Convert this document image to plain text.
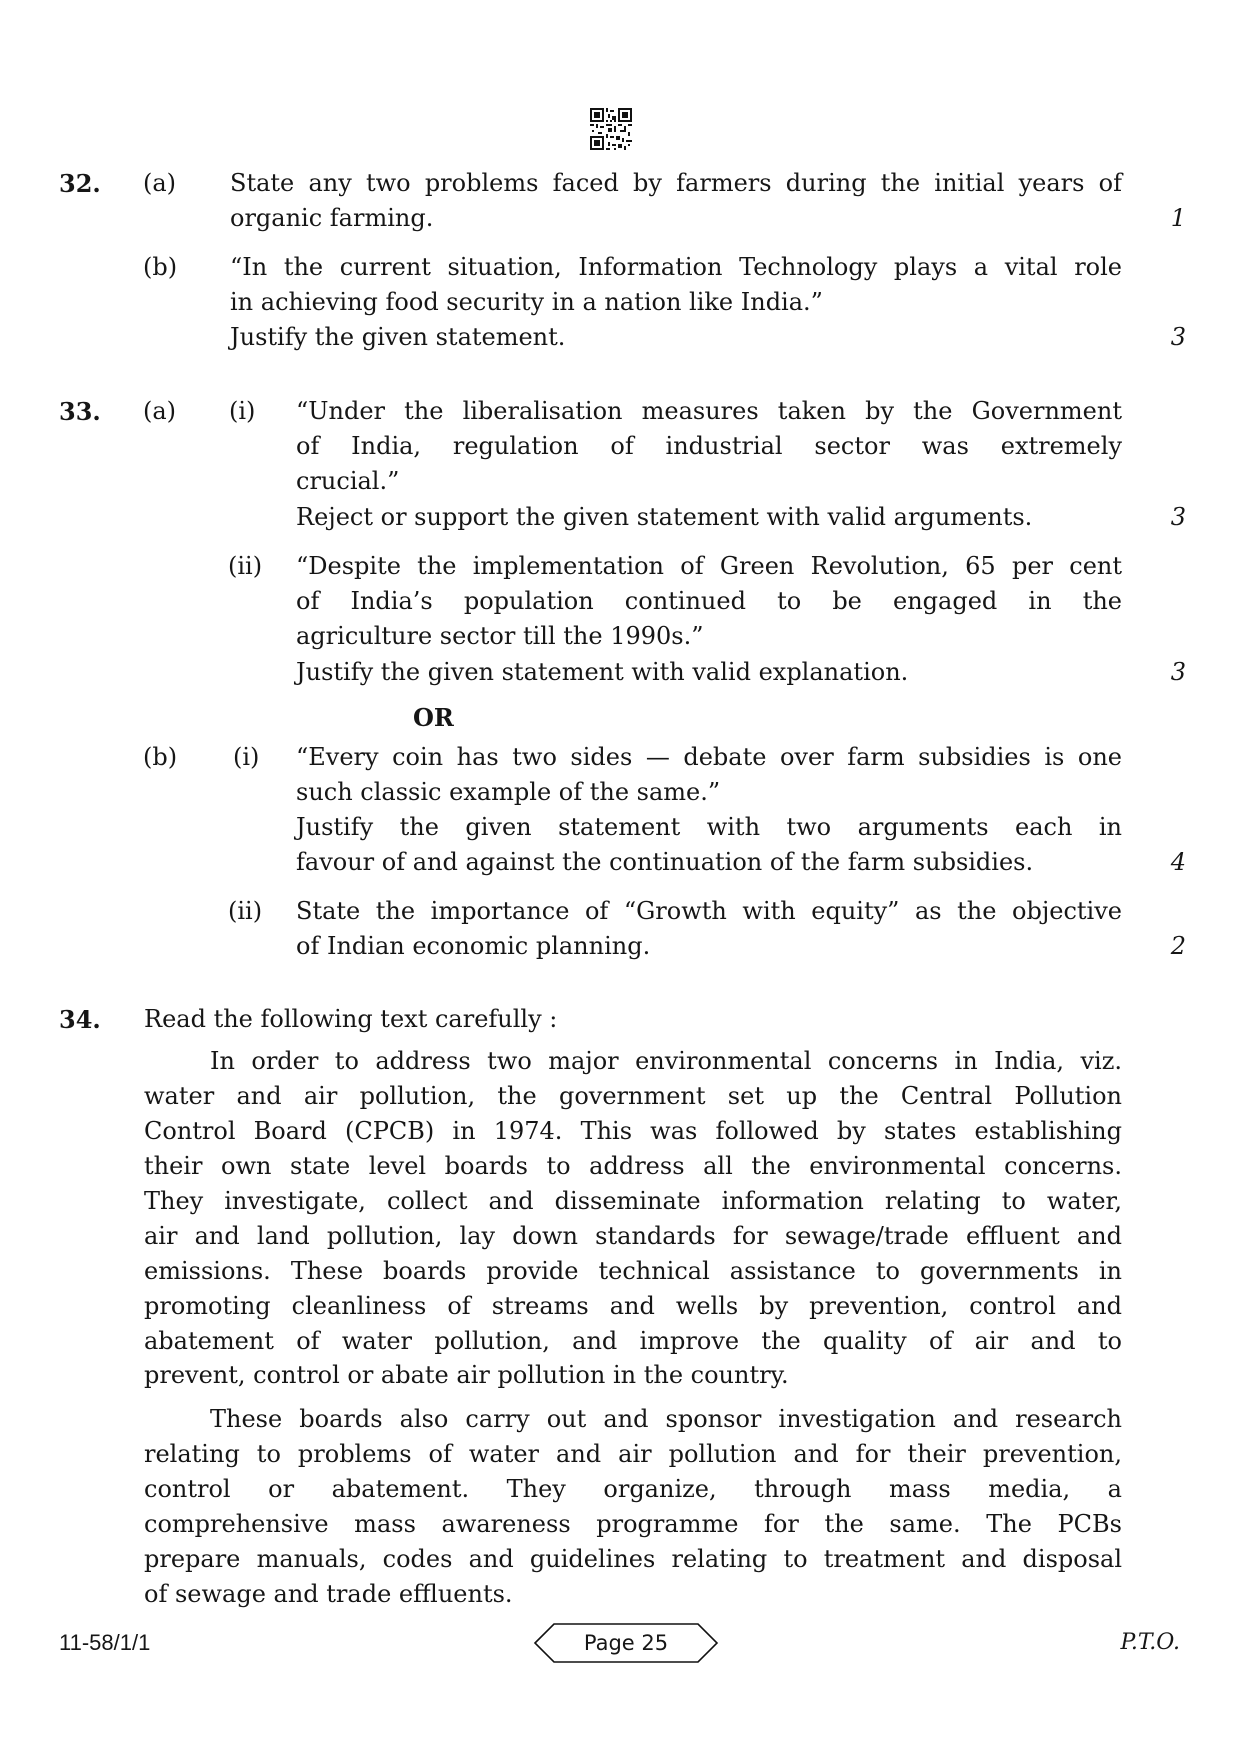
32. (a) State any two problems faced by farmers during the initial years of
organic farming.	1
(b) “In the current situation, Information Technology plays a vital role
in achieving food security in a nation like India.”
Justify the given statement.	3
33. (a) (i) “Under the liberalisation measures taken by the Government
of India, regulation of industrial sector was extremely
crucial.”
Reject or support the given statement with valid arguments.	3
(ii) “Despite the implementation of Green Revolution, 65 per cent
of India’s population continued to be engaged in the
agriculture sector till the 1990s.”
Justify the given statement with valid explanation.	3
OR
(b) (i) “Every coin has two sides — debate over farm subsidies is one
such classic example of the same.”
Justify the given statement with two arguments each in
favour of and against the continuation of the farm subsidies.	4
(ii) State the importance of “Growth with equity” as the objective
of Indian economic planning.	2
34. Read the following text carefully :
In order to address two major environmental concerns in India, viz.
water and air pollution, the government set up the Central Pollution
Control Board (CPCB) in 1974. This was followed by states establishing
their own state level boards to address all the environmental concerns.
They investigate, collect and disseminate information relating to water,
air and land pollution, lay down standards for sewage/trade effluent and
emissions. These boards provide technical assistance to governments in
promoting cleanliness of streams and wells by prevention, control and
abatement of water pollution, and improve the quality of air and to
prevent, control or abate air pollution in the country.
These boards also carry out and sponsor investigation and research
relating to problems of water and air pollution and for their prevention,
control or abatement. They organize, through mass media, a
comprehensive mass awareness programme for the same. The PCBs
prepare manuals, codes and guidelines relating to treatment and disposal
of sewage and trade effluents.
11-58/1/1	Page 25	P.T.O.
